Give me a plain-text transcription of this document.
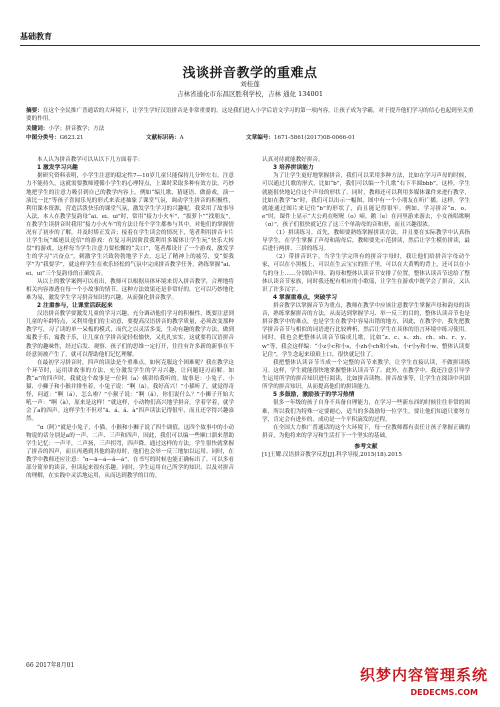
基础教育
浅谈拼音教学的重难点
刘桂莲
吉林省通化市东昌区胜利学校，吉林 通化 134001
摘要：在这个全民推广普通话的大环境下，让学生学好汉语拼音是非常重要的。这是我们进入小学后语文学习的第一项内容，让孩子成为学霸，对于提升他们学习的信心也起到至关重要的作用。
关键词：小学；拼音教学；方法
中图分类号：G623.21	文献标识码：A	文章编号：1671-5861(2017)08-0066-01

本人认为拼音教学可以从以下几方面着手：

1 激发学习兴趣

据研究资料表明，小学生注意的稳定性7—10岁儿童只能保持几分钟左右，注意力不能持久，这就需要教师遵循小学生的心理特点，上课时采取多种有效方法，巧妙地把学生的注意力吸引到自己的教学内容上。例如“编儿歌、猜谜语、做游戏，演一演比一比”等孩子喜闻乐见的形式来表述抽象了课堂气氛，调动学生拼音的积极性，利用课本资源，营造活泼快乐的课堂气氛，激发学生学习的兴趣呢。我采用了故事导入法，本人在教学复韵母“ai、ei、ui”时，常用“接力小火车”、“拔萝卜”“找朋友”，在教学生读拼音时我用“接力小火车”的方法让每个学生都参与其中，对他们的掌握情况有了初步的了解，并及时矫正发音；接着在学生读会的情况下，笔者利用拼音卡片让学生玩“邮递员送信”的游戏：在复习巩固阶段我利用多媒体让学生玩“快乐大转盘”的游戏。这样每当学生注意力要松懈的“关口”，笔者都设计了一个游戏，激发学生的学习“兴奋点”，刺激学生兴致勃勃地学下去，忘记了精神上的疲劳，变“要我学”为“我要学”，就这样学生在欢乐轻松的气氛中完成拼音教学任务，熟练掌握“ai、ei、ui”三个复韵母的正确发音。

从以上的教学案例可以看出，教师可以根据具体环境来切入拼音教学，合理地将相关内容渗透在每一个小故事的情节，这种方法效果还是非常好的，它可以巧妙地化难为易，激发学生学习拼音知识的兴趣，从而强化拼音教学。

2 注重参与，让课堂活跃起来

汉语拼音教学要激发儿童的学习兴趣，充分调动他们学习的积极性，既要注意到儿童的年龄特点，又利用他们的主动意，要提高汉语拼音的教学质量，必须改变那种教学写，习了读的单一呆板的模式，而代之以灵活多变，生动有趣的教学方法，做到寓教于乐，寓教于乐，让儿童在学拼音觉轻松愉快，又扎扎实实，这就要将汉语拼音教学的趣味性，经过启发、观察、孩子们的思维一定打开，往往有许多新的新事在不经意间被产生了，就可以帮助他们记忆理解。

在最初学习拼音时，四声的读法是个重难点。如何克服这个困难呢？我在教学这个环节时，运用讲故事的方法，充分激发学生的学习兴趣，让问题迎刃而解。如教“a”的四声时，我就这个故事是一位阿（a）姨讲给我听的。故事是：小兔子、小猫、小狮子和小猴并排坐着，小兔子说：“啊（ā），我好高兴！”小猫听了，就觉得奇怪，问道：“啊（á），怎么啦？”小猴子说：“啊（ǎ），你们说什么？”小狮子开始大吼一声：“啊（à），原来是这样！”就这样，小动物们高兴地学拼音，学着学着，就学会了a的四声。这样学生不但对“ā、á、ǎ、à”四声读法记得很牢，而且还学得兴趣盎然。

“ɑ（阿）”就是小兔子，小猫，小猴和小狮子说了四个调值，这四个故事中的小动物说的话分别是a的一声、二声、三声和四声，因此，我们可以编一些顺口溜来帮助学生记忆：一声平，二声扬，三声拐弯，四声降。通过这样的方法，学生很快就掌握了拼音的四声，而且再遇到其他的韵母时，他们也会举一反三地加以运用。同时，在教学中教师还应注意：“ɑ—ā—á—ǎ—à”，在书写的时候也能正确标出了。可以多看部分简单的读音，但读起来很有乐趣。同时，学生运用自己所学的知识，以及对拼音的理解，在实践中灵活地运用，从而达到教学的目的。

认真对待就能教好拼音。

3 培养拼读能力

为了让学生更好地掌握拼音，我们可以采用多种方法，比如在学习声母的时候，可以通过儿歌的形式，比如“b”，我们可以编一个儿歌“右下半圆bbb”，这样，学生就能很快地记住这个声母的形状了。同时，教师还可以利用多媒体课件来进行教学，比如在教学“b”时，我们可以出示一幅图，图中有一个小朋友在听广播，这样，学生就能通过图片来记住“b”的形状了，而且能记得很牢。例如，学习拼音“ɑ、o、e”时，课件上显示“大公鸡在喔喔（o）啼，鹅（e）在河里游来游去，小女孩唱歌啊（ɑ）”，孩子们很快就记住了这三个单韵母的音和形，而且兴趣很浓。

（1）拼读练习。首先，教师要熟练掌握拼读方法，并且要在实际教学中认真指导学生，在学生掌握了声母和韵母后，教师要先示范拼读，然后让学生模仿拼读，最后进行两拼、三拼的练习。

（2）带拼音识字。当学生学完所有的拼音字母时，我让他们给拼音字母动个家，可以在小黑板上，可以在生云宝宝的肚子里，可以在大黄鸭的背上，还可以在小鸟的身上……分别给声母、韵母和整体认读音节安排了位置，整体认读音节送给了整体认读音节家族，同时我还配有相应的小歌谣，让学生在游戏中既学会了拼音，又认识了许多汉字。

4 掌握重难点，突破学习

拼音教学以掌握音节为重点，教师在教学中应该注意教学生掌握声母和韵母的读音，熟练掌握拼音的方法，从而达到掌握学习、举一反三的目的，整体认读音节也是拼音教学中的难点，也是学生在教学中容易出错的地方，因此，在教学中，我先把教学拼音音节与相似的词语进行比较辨析，然后让学生在具体的语言环境中练习使用。同时，我也会把整体认读音节编成儿歌，比如“z、c、s、zh、ch、sh、r、y、w”等，我会这样编：“小z小c和小s，小zh小ch和小sh，小r小y和小w，整体认读要记住”，学生念起来琅琅上口，很快就记住了。

我把整体认读音节当成一个完整的音节来教学，让学生直接认读，不做拼读练习。这样，学生就能很快地掌握整体认读音节了。此外，在教学中，我还注意引导学生运用所学的拼音知识进行阅读，比如拼音读物、拼音故事等，让学生在阅读中巩固所学的拼音知识，从而提高他们的拼读能力。

5 多鼓励，激励孩子的学习热情

很多一年级的孩子自身不具备自理能力，在学习一些新东西的时候往往非常的困难，所以我们为特殊一定要耐心，适当的多鼓励每一位学生，要让他们知道只要努力学，肯定会有进步的，成功是一个平积滴发的过程。

在全国大力推广普通话的这个大环境下，每一位教师都有责任让孩子掌握正确的拼音，为他将来的学习和生活打下一个坚实的基础。

参考文献

[1]王耀.汉语拼音教学反思[J].科学导报,2015(18).2015

66 2017年8月01
织梦内容管理系统
DEDECMS.COM
